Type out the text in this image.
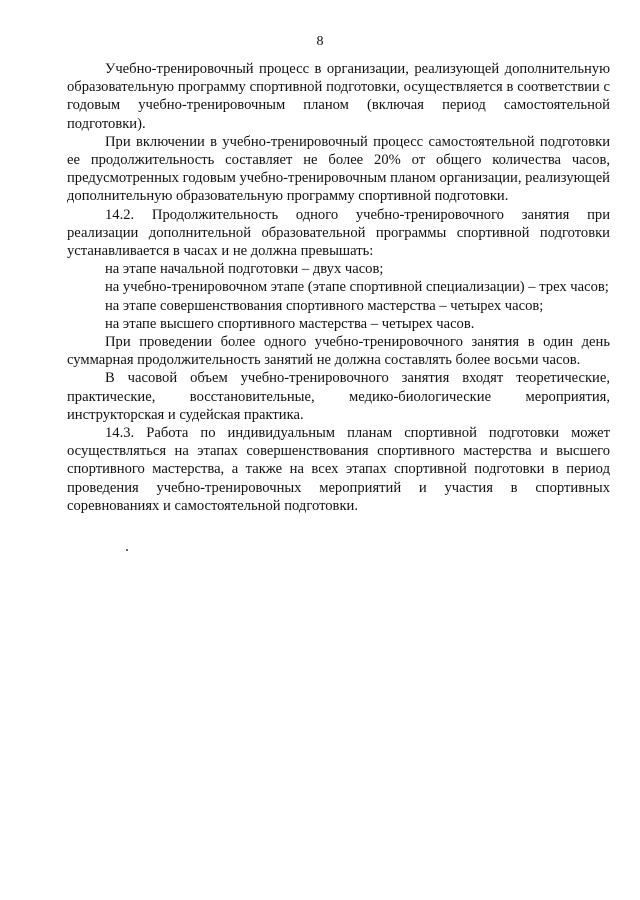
8

Учебно-тренировочный процесс в организации, реализующей дополнительную образовательную программу спортивной подготовки, осуществляется в соответствии с годовым учебно-тренировочным планом (включая период самостоятельной подготовки).

При включении в учебно-тренировочный процесс самостоятельной подготовки ее продолжительность составляет не более 20% от общего количества часов, предусмотренных годовым учебно-тренировочным планом организации, реализующей дополнительную образовательную программу спортивной подготовки.

14.2. Продолжительность одного учебно-тренировочного занятия при реализации дополнительной образовательной программы спортивной подготовки устанавливается в часах и не должна превышать:

на этапе начальной подготовки – двух часов;

на учебно-тренировочном этапе (этапе спортивной специализации) – трех часов;

на этапе совершенствования спортивного мастерства – четырех часов;

на этапе высшего спортивного мастерства – четырех часов.

При проведении более одного учебно-тренировочного занятия в один день суммарная продолжительность занятий не должна составлять более восьми часов.

В часовой объем учебно-тренировочного занятия входят теоретические, практические, восстановительные, медико-биологические мероприятия, инструкторская и судейская практика.

14.3. Работа по индивидуальным планам спортивной подготовки может осуществляться на этапах совершенствования спортивного мастерства и высшего спортивного мастерства, а также на всех этапах спортивной подготовки в период проведения учебно-тренировочных мероприятий и участия в спортивных соревнованиях и самостоятельной подготовки.
